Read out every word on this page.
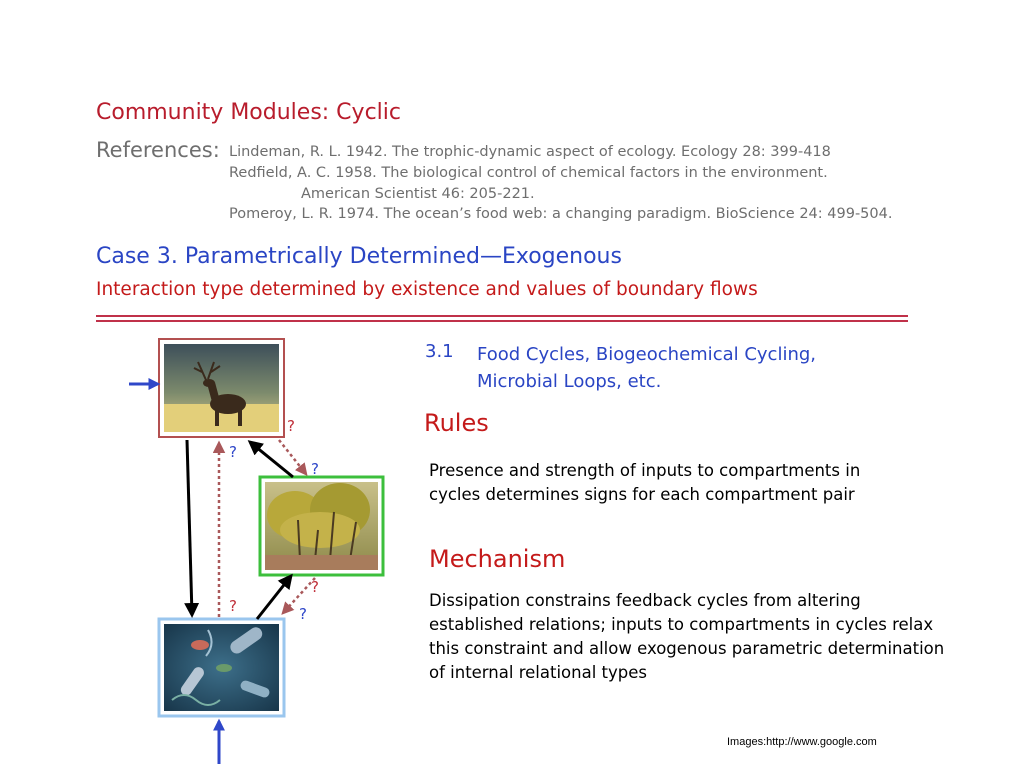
Community Modules: Cyclic
References: Lindeman, R. L. 1942. The trophic-dynamic aspect of ecology. Ecology 28: 399-418
Redfield, A. C. 1958. The biological control of chemical factors in the environment.
American Scientist 46: 205-221.
Pomeroy, L. R. 1974. The ocean’s food web: a changing paradigm. BioScience 24: 499-504.
Case 3. Parametrically Determined—Exogenous
Interaction type determined by existence and values of boundary flows
3.1 Food Cycles, Biogeochemical Cycling,
Microbial Loops, etc.
Rules
Presence and strength of inputs to compartments in cycles determines signs for each compartment pair
Mechanism
Dissipation constrains feedback cycles from altering established relations; inputs to compartments in cycles relax this constraint and allow exogenous parametric determination of internal relational types
Images:http://www.google.com
?
?
?
?
?	?
